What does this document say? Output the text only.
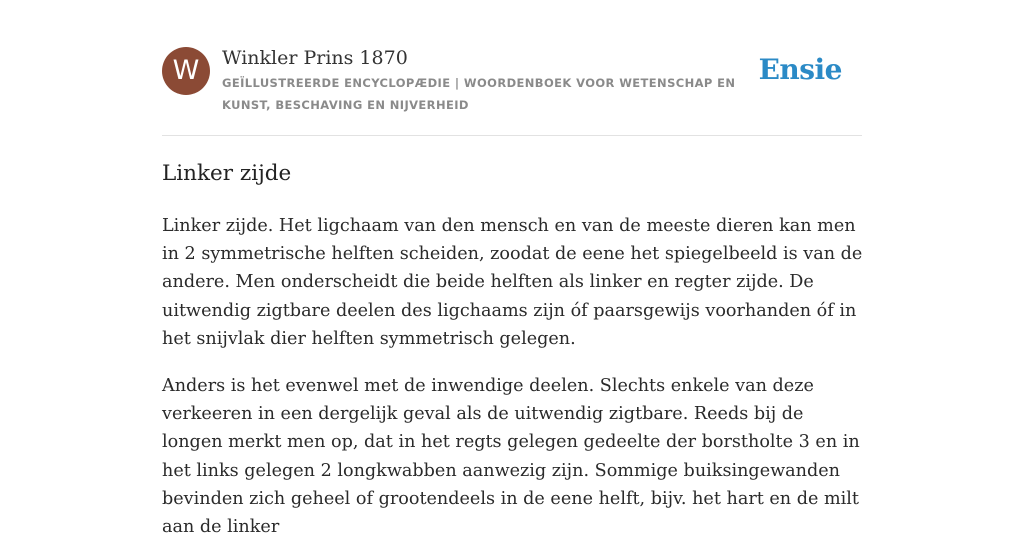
W	Winkler Prins 1870
GEÏLLUSTREERDE ENCYCLOPÆDIE | WOORDENBOEK VOOR WETENSCHAP EN KUNST, BESCHAVING EN NIJVERHEID
Ensie
Linker zijde

Linker zijde. Het ligchaam van den mensch en van de meeste dieren kan men in 2 symmetrische helften scheiden, zoodat de eene het spiegelbeeld is van de andere. Men onderscheidt die beide helften als linker en regter zijde. De uitwendig zigtbare deelen des ligchaams zijn óf paarsgewijs voorhanden óf in het snijvlak dier helften symmetrisch gelegen.

Anders is het evenwel met de inwendige deelen. Slechts enkele van deze verkeeren in een dergelijk geval als de uitwendig zigtbare. Reeds bij de longen merkt men op, dat in het regts gelegen gedeelte der borstholte 3 en in het links gelegen 2 longkwabben aanwezig zijn. Sommige buiksingewanden bevinden zich geheel of grootendeels in de eene helft, bijv. het hart en de milt aan de linker
